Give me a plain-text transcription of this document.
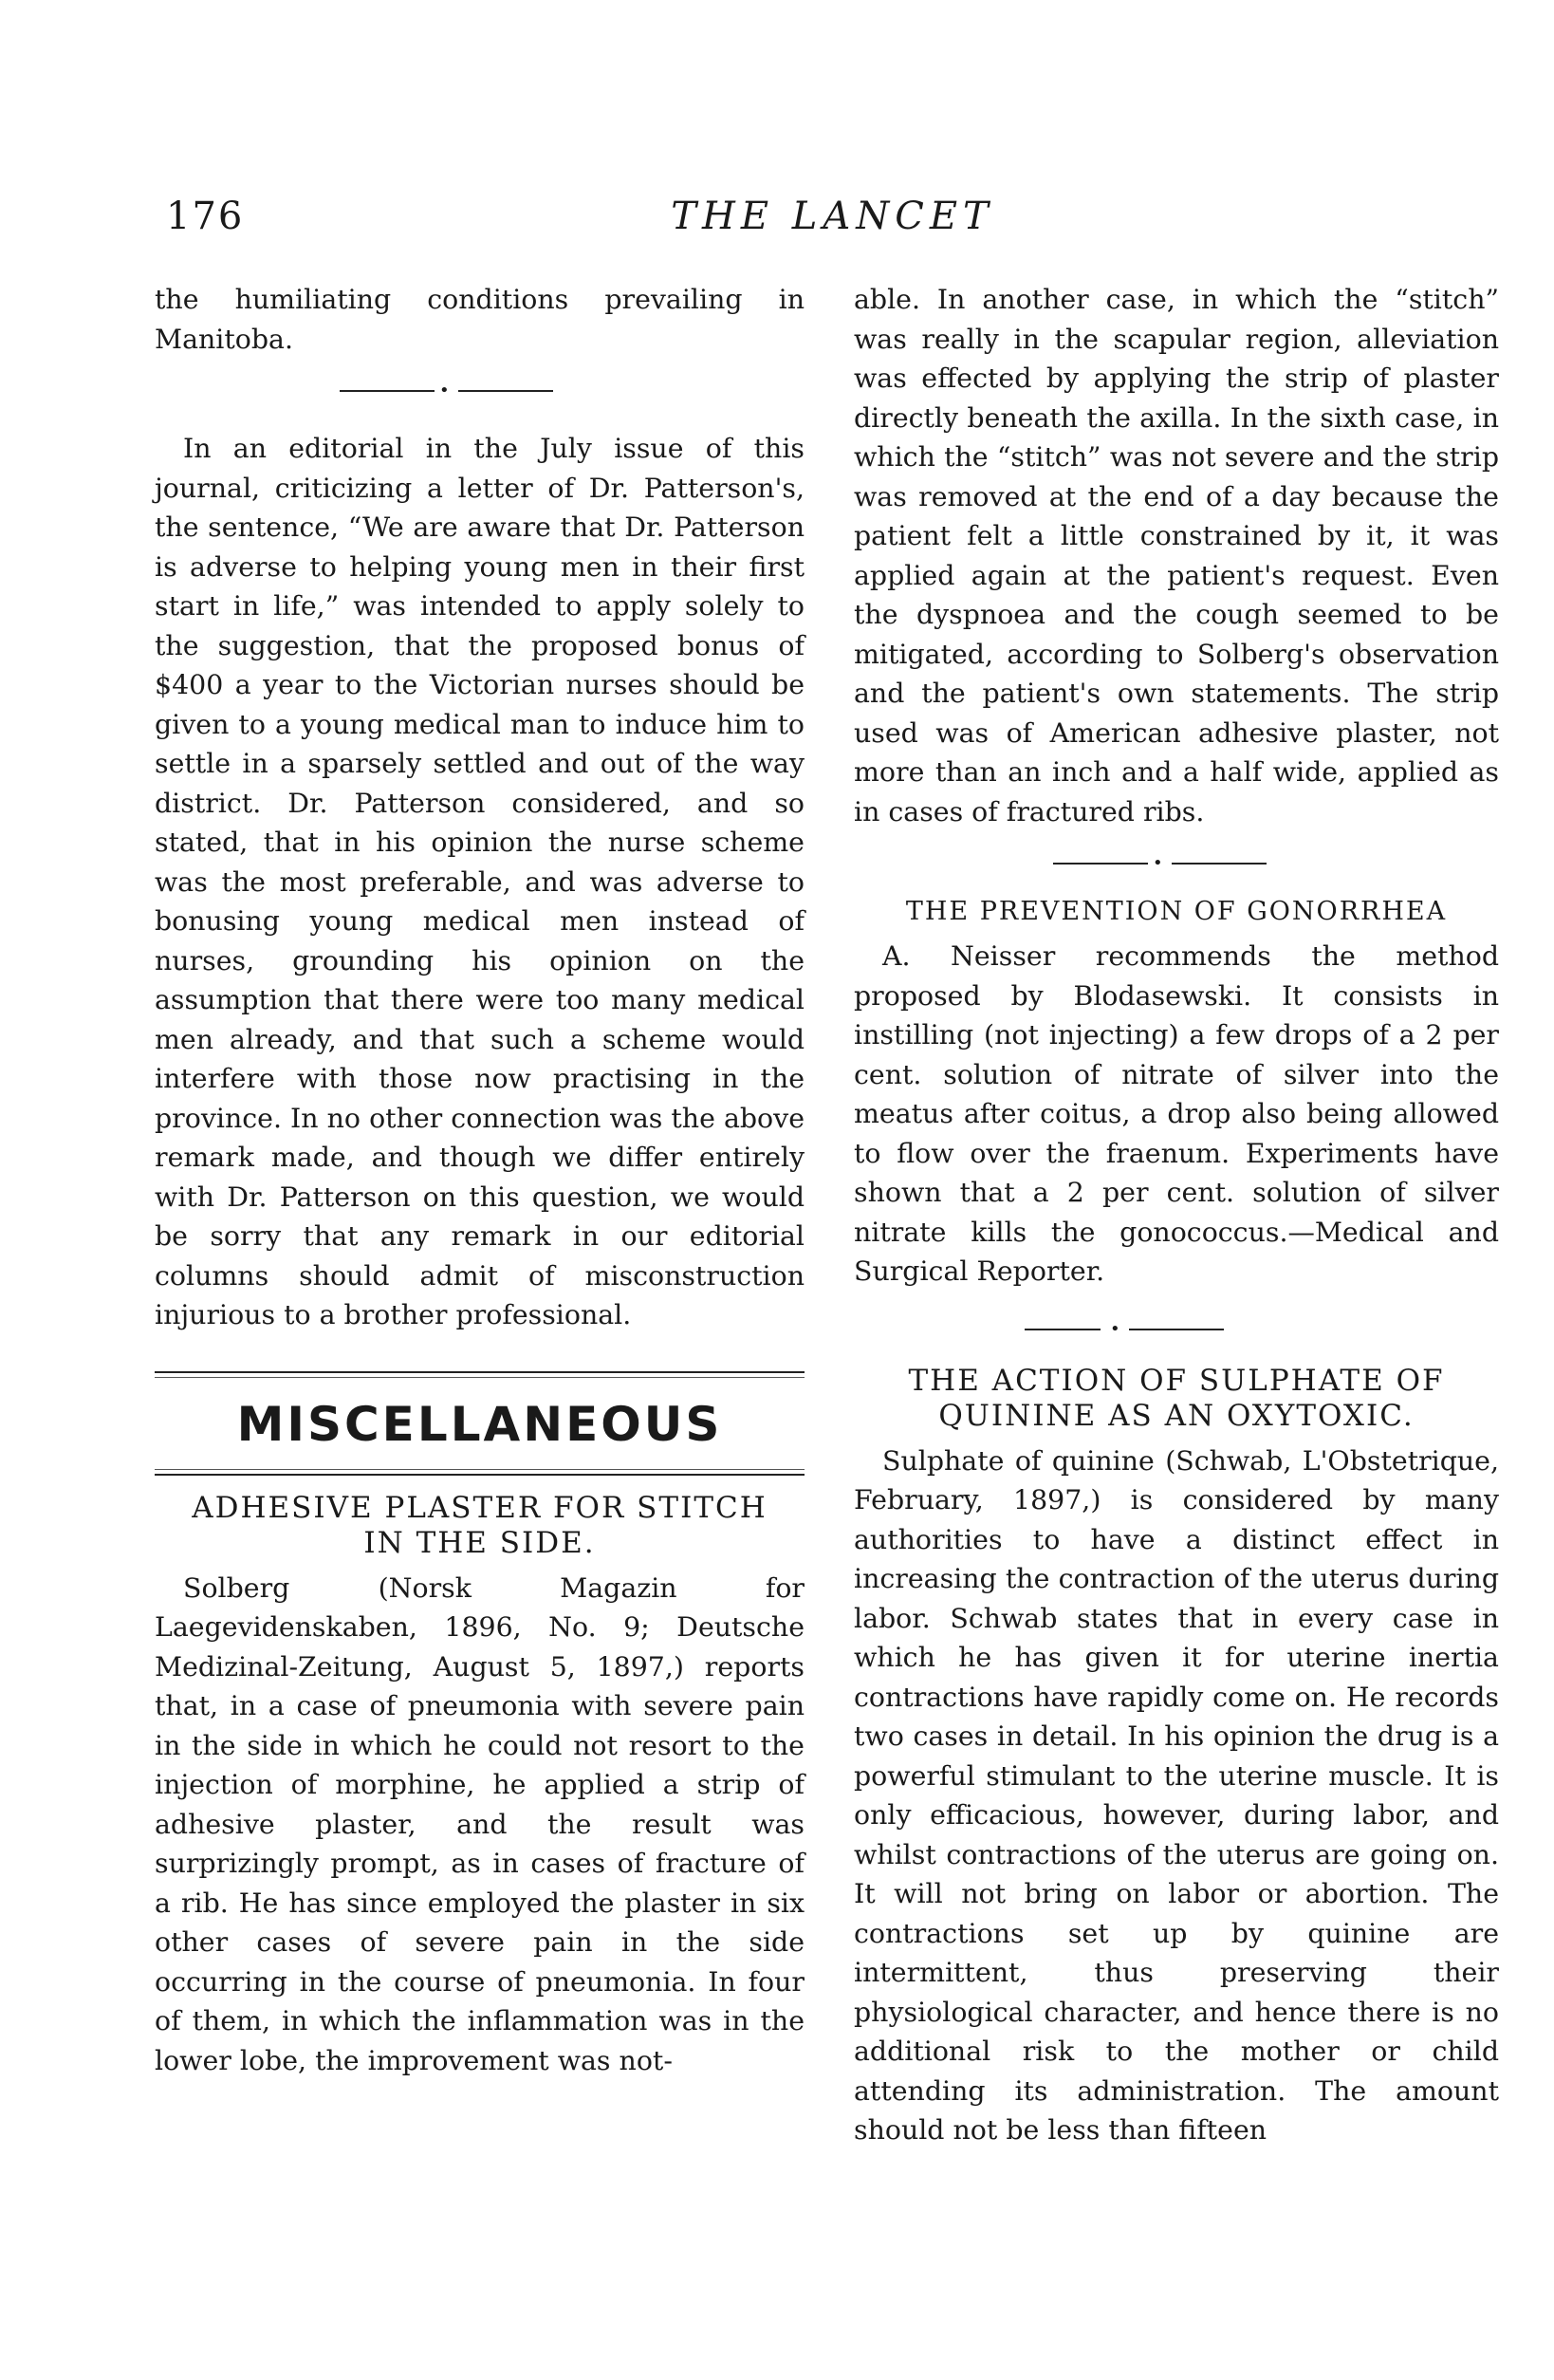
176	THE LANCET

the humiliating conditions prevailing in Manitoba.

•

In an editorial in the July issue of this journal, criticizing a letter of Dr. Patterson's, the sentence, “We are aware that Dr. Patterson is adverse to helping young men in their first start in life,” was intended to apply solely to the suggestion, that the proposed bonus of $400 a year to the Victorian nurses should be given to a young medical man to induce him to settle in a sparsely settled and out of the way district. Dr. Patterson considered, and so stated, that in his opinion the nurse scheme was the most preferable, and was adverse to bonusing young medical men instead of nurses, grounding his opinion on the assumption that there were too many medical men already, and that such a scheme would interfere with those now practising in the province. In no other connection was the above remark made, and though we differ entirely with Dr. Patterson on this question, we would be sorry that any remark in our editorial columns should admit of misconstruction injurious to a brother professional.

MISCELLANEOUS
ADHESIVE PLASTER FOR STITCH
IN THE SIDE.

Solberg (Norsk Magazin for Laegevidenskaben, 1896, No. 9; Deutsche Medizinal-Zeitung, August 5, 1897,) reports that, in a case of pneumonia with severe pain in the side in which he could not resort to the injection of morphine, he applied a strip of adhesive plaster, and the result was surprizingly prompt, as in cases of fracture of a rib. He has since employed the plaster in six other cases of severe pain in the side occurring in the course of pneumonia. In four of them, in which the inflammation was in the lower lobe, the improvement was not-

able. In another case, in which the “stitch” was really in the scapular region, alleviation was effected by applying the strip of plaster directly beneath the axilla. In the sixth case, in which the “stitch” was not severe and the strip was removed at the end of a day because the patient felt a little constrained by it, it was applied again at the patient's request. Even the dyspnoea and the cough seemed to be mitigated, according to Solberg's observation and the patient's own statements. The strip used was of American adhesive plaster, not more than an inch and a half wide, applied as in cases of fractured ribs.

•
THE PREVENTION OF GONORRHEA

A. Neisser recommends the method proposed by Blodasewski. It consists in instilling (not injecting) a few drops of a 2 per cent. solution of nitrate of silver into the meatus after coitus, a drop also being allowed to flow over the fraenum. Experiments have shown that a 2 per cent. solution of silver nitrate kills the gonococcus.—Medical and Surgical Reporter.

•
THE ACTION OF SULPHATE OF
QUININE AS AN OXYTOXIC.

Sulphate of quinine (Schwab, L'Obstetrique, February, 1897,) is considered by many authorities to have a distinct effect in increasing the contraction of the uterus during labor. Schwab states that in every case in which he has given it for uterine inertia contractions have rapidly come on. He records two cases in detail. In his opinion the drug is a powerful stimulant to the uterine muscle. It is only efficacious, however, during labor, and whilst contractions of the uterus are going on. It will not bring on labor or abortion. The contractions set up by quinine are intermittent, thus preserving their physiological character, and hence there is no additional risk to the mother or child attending its administration. The amount should not be less than fifteen
